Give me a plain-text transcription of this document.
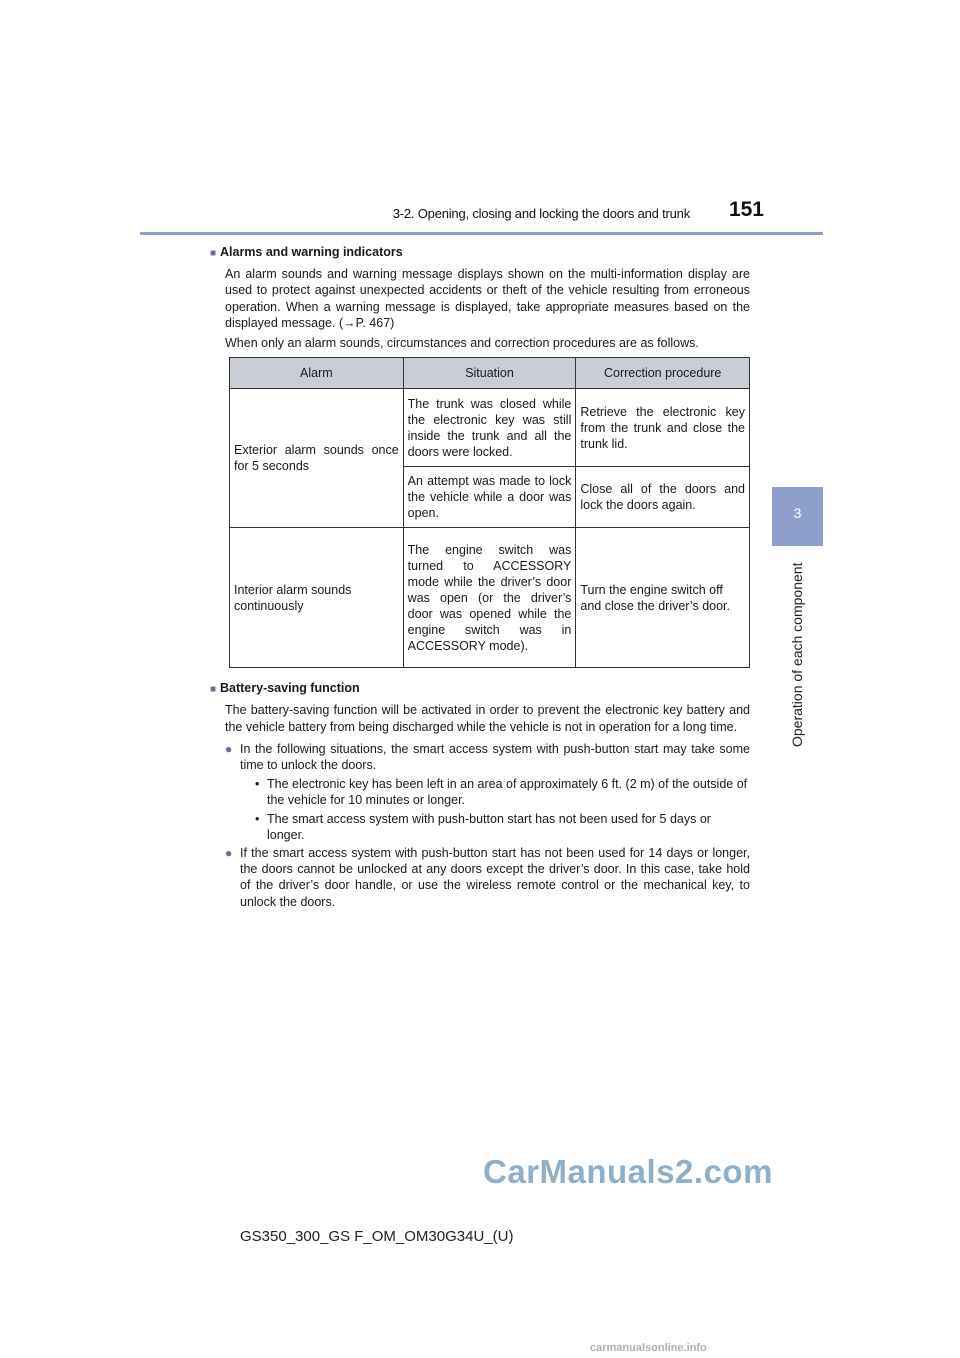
3-2. Opening, closing and locking the doors and trunk 151
3
Operation of each component
■ Alarms and warning indicators

An alarm sounds and warning message displays shown on the multi-information display are used to protect against unexpected accidents or theft of the vehicle resulting from erroneous operation. When a warning message is displayed, take appropriate measures based on the displayed message. (→P. 467)

When only an alarm sounds, circumstances and correction procedures are as follows.

Alarm	Situation	Correction procedure
Exterior alarm sounds once for 5 seconds	The trunk was closed while the electronic key was still inside the trunk and all the doors were locked.	Retrieve the electronic key from the trunk and close the trunk lid.
	An attempt was made to lock the vehicle while a door was open.	Close all of the doors and lock the doors again.
Interior alarm sounds continuously	The engine switch was turned to ACCESSORY mode while the driver’s door was open (or the driver’s door was opened while the engine switch was in ACCESSORY mode).	Turn the engine switch off and close the driver’s door.
■ Battery-saving function

The battery-saving function will be activated in order to prevent the electronic key battery and the vehicle battery from being discharged while the vehicle is not in operation for a long time.

● In the following situations, the smart access system with push-button start may take some time to unlock the doors.
• The electronic key has been left in an area of approximately 6 ft. (2 m) of the outside of the vehicle for 10 minutes or longer.
• The smart access system with push-button start has not been used for 5 days or longer.
● If the smart access system with push-button start has not been used for 14 days or longer, the doors cannot be unlocked at any doors except the driver’s door. In this case, take hold of the driver’s door handle, or use the wireless remote control or the mechanical key, to unlock the doors.
CarManuals2.com
GS350_300_GS F_OM_OM30G34U_(U)
carmanualsonline.info
